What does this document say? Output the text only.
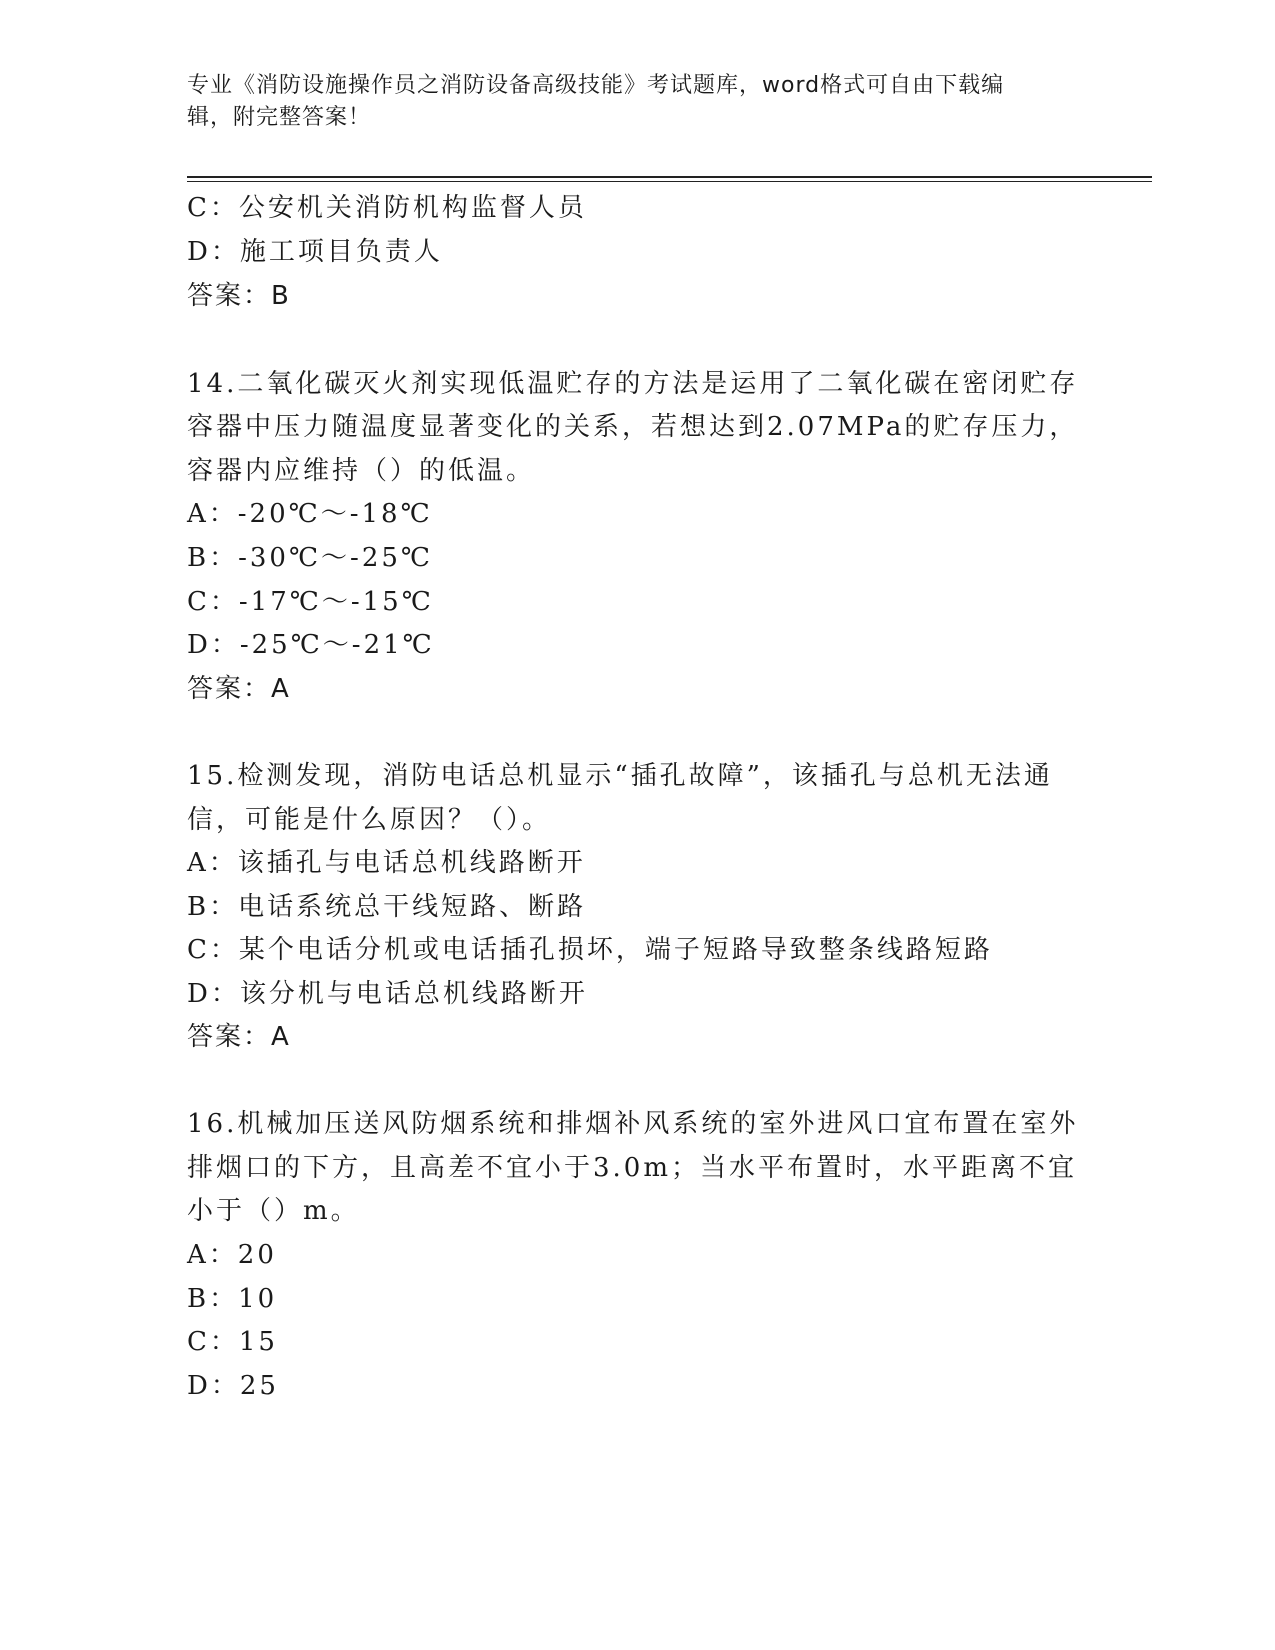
专业《消防设施操作员之消防设备高级技能》考试题库，word格式可自由下载编
辑，附完整答案！
C：公安机关消防机构监督人员
D：施工项目负责人
答案：B
14.二氧化碳灭火剂实现低温贮存的方法是运用了二氧化碳在密闭贮存
容器中压力随温度显著变化的关系，若想达到2.07MPa的贮存压力，
容器内应维持（）的低温。
A：-20℃～-18℃
B：-30℃～-25℃
C：-17℃～-15℃
D：-25℃～-21℃
答案：A
15.检测发现，消防电话总机显示“插孔故障”，该插孔与总机无法通
信，可能是什么原因？（）。
A：该插孔与电话总机线路断开
B：电话系统总干线短路、断路
C：某个电话分机或电话插孔损坏，端子短路导致整条线路短路
D：该分机与电话总机线路断开
答案：A
16.机械加压送风防烟系统和排烟补风系统的室外进风口宜布置在室外
排烟口的下方，且高差不宜小于3.0m；当水平布置时，水平距离不宜
小于（）m。
A：20
B：10
C：15
D：25
